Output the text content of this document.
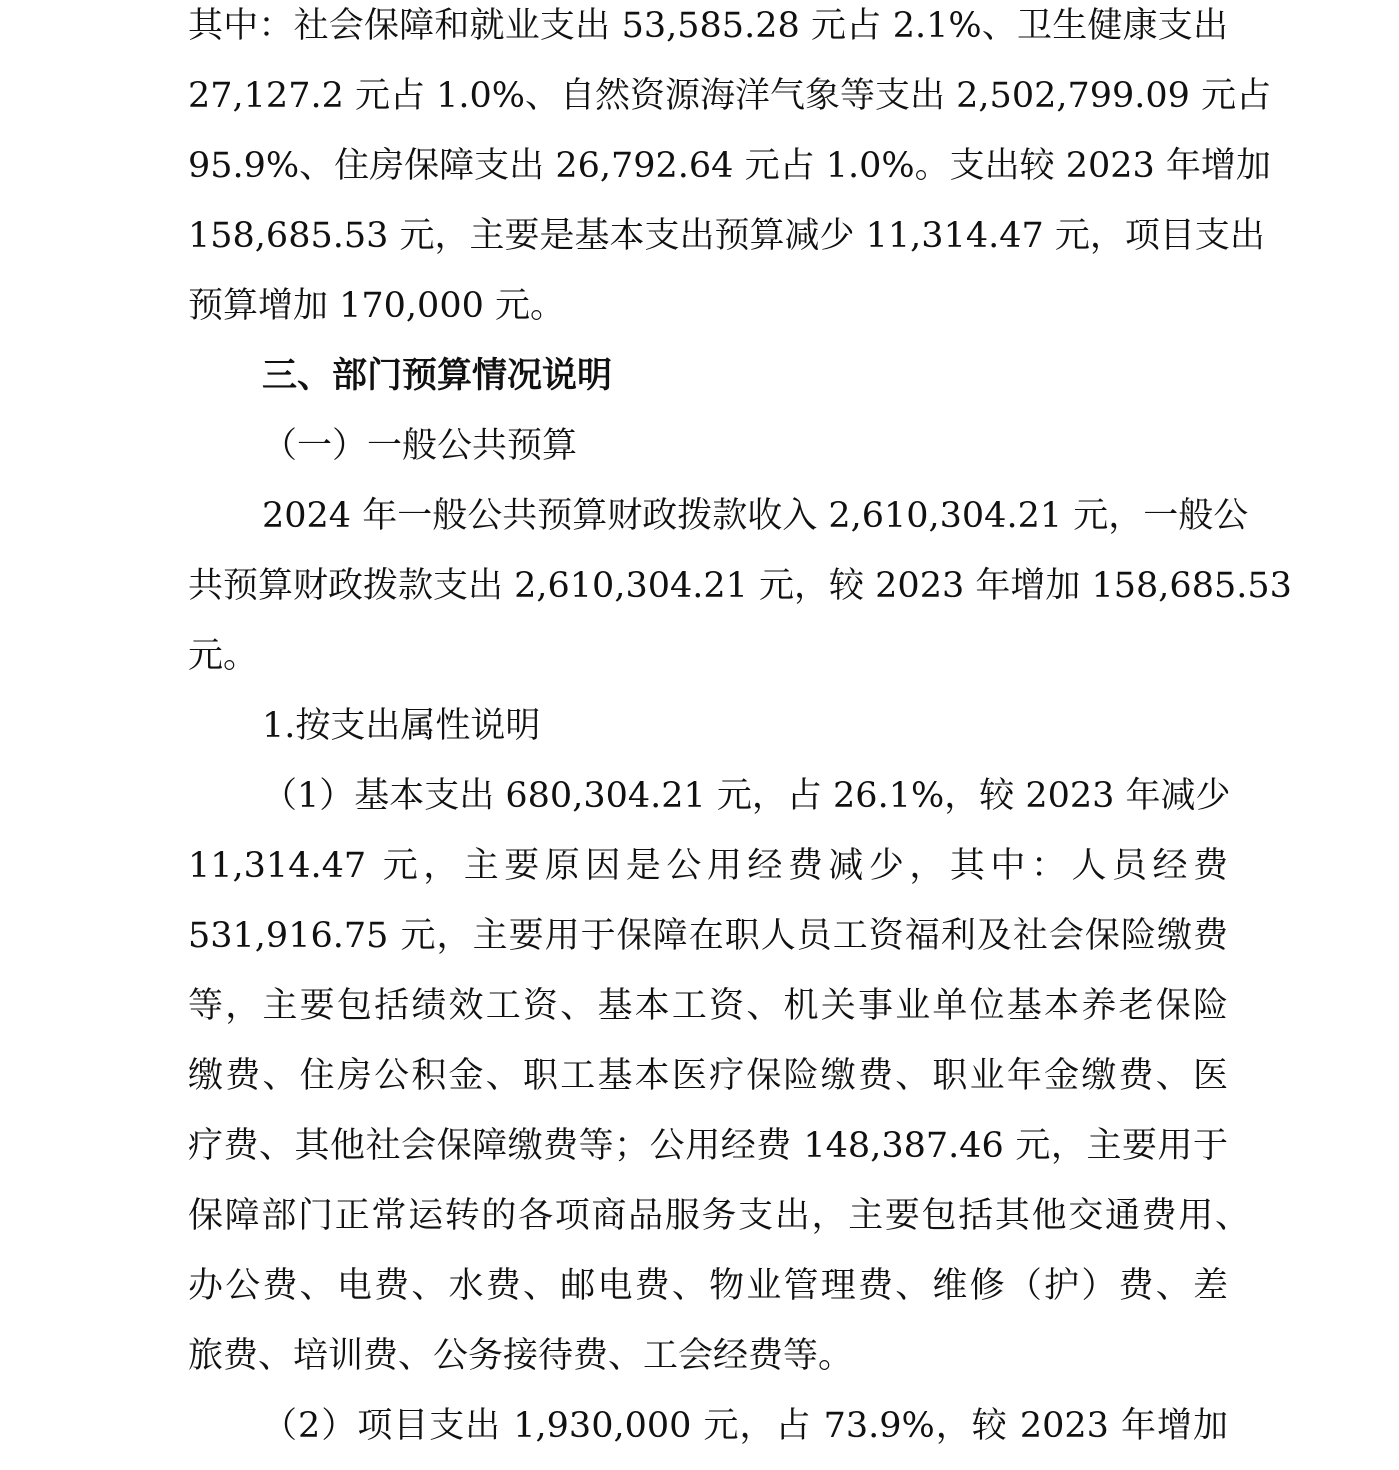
其中：社会保障和就业支出 53,585.28 元占 2.1%、卫生健康支出
27,127.2 元占 1.0%、自然资源海洋气象等支出 2,502,799.09 元占
95.9%、住房保障支出 26,792.64 元占 1.0%。支出较 2023 年增加
158,685.53 元，主要是基本支出预算减少 11,314.47 元，项目支出
预算增加 170,000 元。
三、部门预算情况说明
（一）一般公共预算
2024 年一般公共预算财政拨款收入 2,610,304.21 元，一般公
共预算财政拨款支出 2,610,304.21 元，较 2023 年增加 158,685.53
元。
1.按支出属性说明
（1）基本支出 680,304.21 元，占 26.1%，较 2023 年减少
11,314.47 元，主要原因是公用经费减少，其中：人员经费
531,916.75 元，主要用于保障在职人员工资福利及社会保险缴费
等，主要包括绩效工资、基本工资、机关事业单位基本养老保险
缴费、住房公积金、职工基本医疗保险缴费、职业年金缴费、医
疗费、其他社会保障缴费等；公用经费 148,387.46 元，主要用于
保障部门正常运转的各项商品服务支出，主要包括其他交通费用、
办公费、电费、水费、邮电费、物业管理费、维修（护）费、差
旅费、培训费、公务接待费、工会经费等。
（2）项目支出 1,930,000 元，占 73.9%，较 2023 年增加
